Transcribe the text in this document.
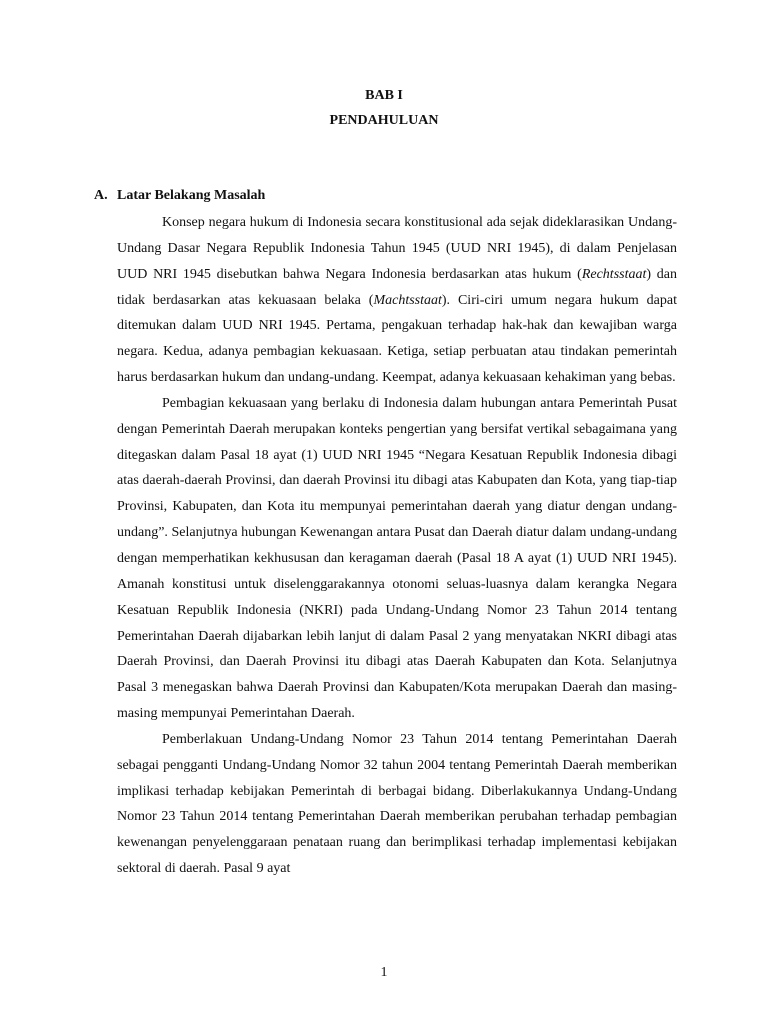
BAB I
PENDAHULUAN
A. Latar Belakang Masalah

Konsep negara hukum di Indonesia secara konstitusional ada sejak dideklarasikan Undang-Undang Dasar Negara Republik Indonesia Tahun 1945 (UUD NRI 1945), di dalam Penjelasan UUD NRI 1945 disebutkan bahwa Negara Indonesia berdasarkan atas hukum (Rechtsstaat) dan tidak berdasarkan atas kekuasaan belaka (Machtsstaat). Ciri-ciri umum negara hukum dapat ditemukan dalam UUD NRI 1945. Pertama, pengakuan terhadap hak-hak dan kewajiban warga negara. Kedua, adanya pembagian kekuasaan. Ketiga, setiap perbuatan atau tindakan pemerintah harus berdasarkan hukum dan undang-undang. Keempat, adanya kekuasaan kehakiman yang bebas.

Pembagian kekuasaan yang berlaku di Indonesia dalam hubungan antara Pemerintah Pusat dengan Pemerintah Daerah merupakan konteks pengertian yang bersifat vertikal sebagaimana yang ditegaskan dalam Pasal 18 ayat (1) UUD NRI 1945 “Negara Kesatuan Republik Indonesia dibagi atas daerah-daerah Provinsi, dan daerah Provinsi itu dibagi atas Kabupaten dan Kota, yang tiap-tiap Provinsi, Kabupaten, dan Kota itu mempunyai pemerintahan daerah yang diatur dengan undang-undang”. Selanjutnya hubungan Kewenangan antara Pusat dan Daerah diatur dalam undang-undang dengan memperhatikan kekhususan dan keragaman daerah (Pasal 18 A ayat (1) UUD NRI 1945). Amanah konstitusi untuk diselenggarakannya otonomi seluas-luasnya dalam kerangka Negara Kesatuan Republik Indonesia (NKRI) pada Undang-Undang Nomor 23 Tahun 2014 tentang Pemerintahan Daerah dijabarkan lebih lanjut di dalam Pasal 2 yang menyatakan NKRI dibagi atas Daerah Provinsi, dan Daerah Provinsi itu dibagi atas Daerah Kabupaten dan Kota. Selanjutnya Pasal 3 menegaskan bahwa Daerah Provinsi dan Kabupaten/Kota merupakan Daerah dan masing-masing mempunyai Pemerintahan Daerah.

Pemberlakuan Undang-Undang Nomor 23 Tahun 2014 tentang Pemerintahan Daerah sebagai pengganti Undang-Undang Nomor 32 tahun 2004 tentang Pemerintah Daerah memberikan implikasi terhadap kebijakan Pemerintah di berbagai bidang. Diberlakukannya Undang-Undang Nomor 23 Tahun 2014 tentang Pemerintahan Daerah memberikan perubahan terhadap pembagian kewenangan penyelenggaraan penataan ruang dan berimplikasi terhadap implementasi kebijakan sektoral di daerah. Pasal 9 ayat

1
